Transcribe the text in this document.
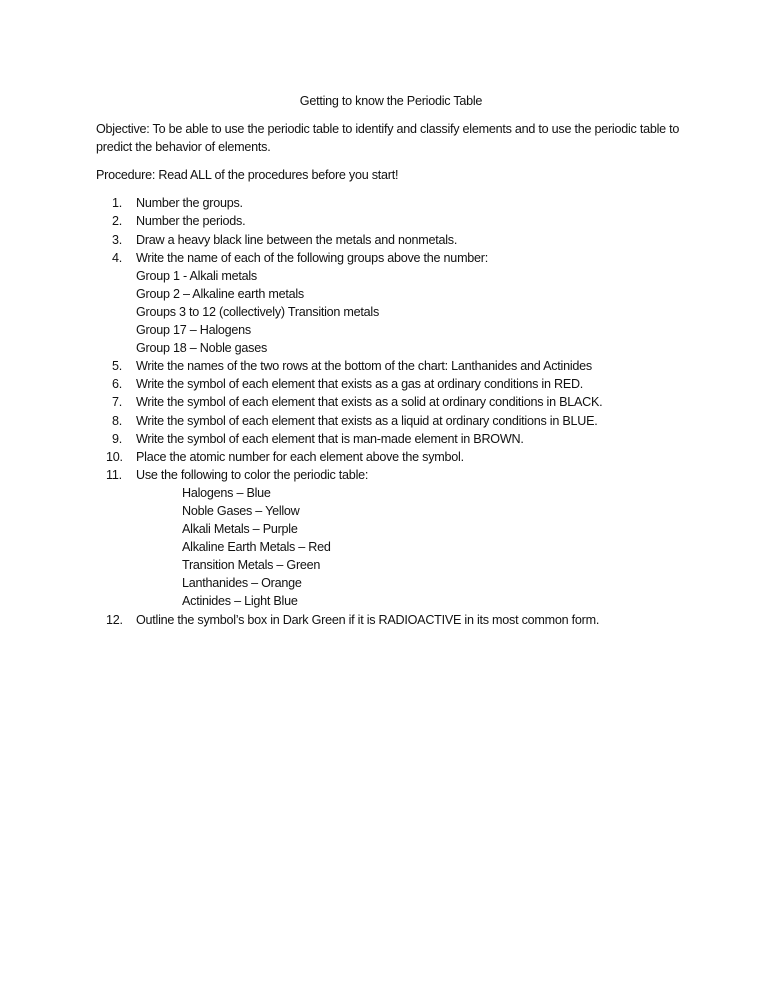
Getting to know the Periodic Table
Objective: To be able to use the periodic table to identify and classify elements and to use the periodic table to predict the behavior of elements.
Procedure: Read ALL of the procedures before you start!
1. Number the groups.
2. Number the periods.
3. Draw a heavy black line between the metals and nonmetals.
4. Write the name of each of the following groups above the number:
Group 1 - Alkali metals
Group 2 – Alkaline earth metals
Groups 3 to 12 (collectively) Transition metals
Group 17 – Halogens
Group 18 – Noble gases
5. Write the names of the two rows at the bottom of the chart: Lanthanides and Actinides
6. Write the symbol of each element that exists as a gas at ordinary conditions in RED.
7. Write the symbol of each element that exists as a solid at ordinary conditions in BLACK.
8. Write the symbol of each element that exists as a liquid at ordinary conditions in BLUE.
9. Write the symbol of each element that is man-made element in BROWN.
10. Place the atomic number for each element above the symbol.
11. Use the following to color the periodic table:
Halogens – Blue
Noble Gases – Yellow
Alkali Metals – Purple
Alkaline Earth Metals – Red
Transition Metals – Green
Lanthanides – Orange
Actinides – Light Blue
12. Outline the symbol’s box in Dark Green if it is RADIOACTIVE in its most common form.
